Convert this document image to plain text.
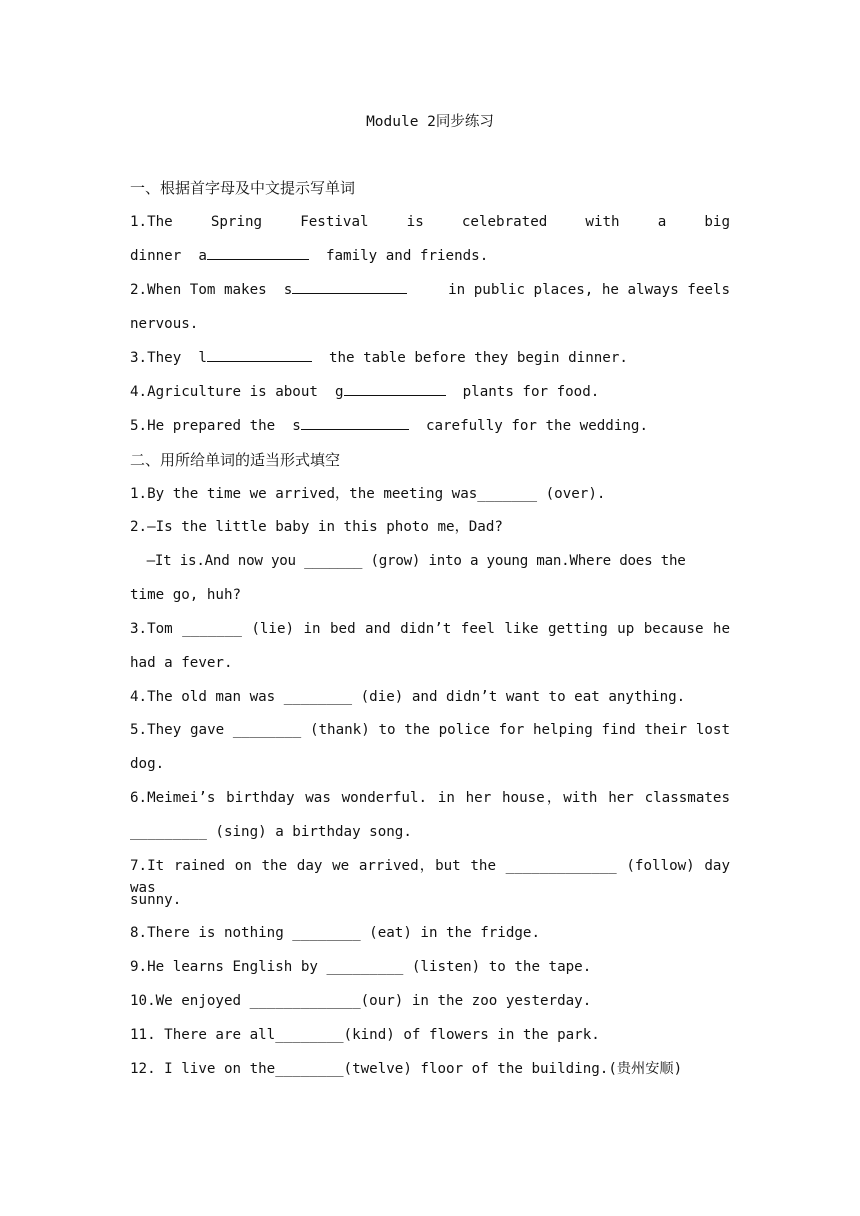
Module 2同步练习
一、根据首字母及中文提示写单词
1.The Spring Festival is celebrated with a big
dinner  a	family and friends.
2.When Tom makes  s	in public places, he always feels
nervous.
3.They  l	the table before they begin dinner.
4.Agriculture is about  g	plants for food.
5.He prepared the  s	carefully for the wedding.
二、用所给单词的适当形式填空
1.By the time we arrived，the meeting was_______ (over).
2.—Is the little baby in this photo me，Dad?
—It is.And now you _______ (grow) into a young man.Where does the
time go, huh?
3.Tom _______ (lie) in bed and didn’t feel like getting up because he
had a fever.
4.The old man was ________ (die) and didn’t want to eat anything.
5.They gave ________ (thank) to the police for helping find their lost
dog.
6.Meimei’s birthday was wonderful. in her house，with her classmates
_________ (sing) a birthday song.
7.It rained on the day we arrived，but the _____________ (follow) day was
sunny.
8.There is nothing ________ (eat) in the fridge.
9.He learns English by _________ (listen) to the tape.
10.We enjoyed _____________(our) in the zoo yesterday.
11. There are all________(kind) of flowers in the park.
12. I live on the________(twelve) floor of the building.(贵州安顺)
